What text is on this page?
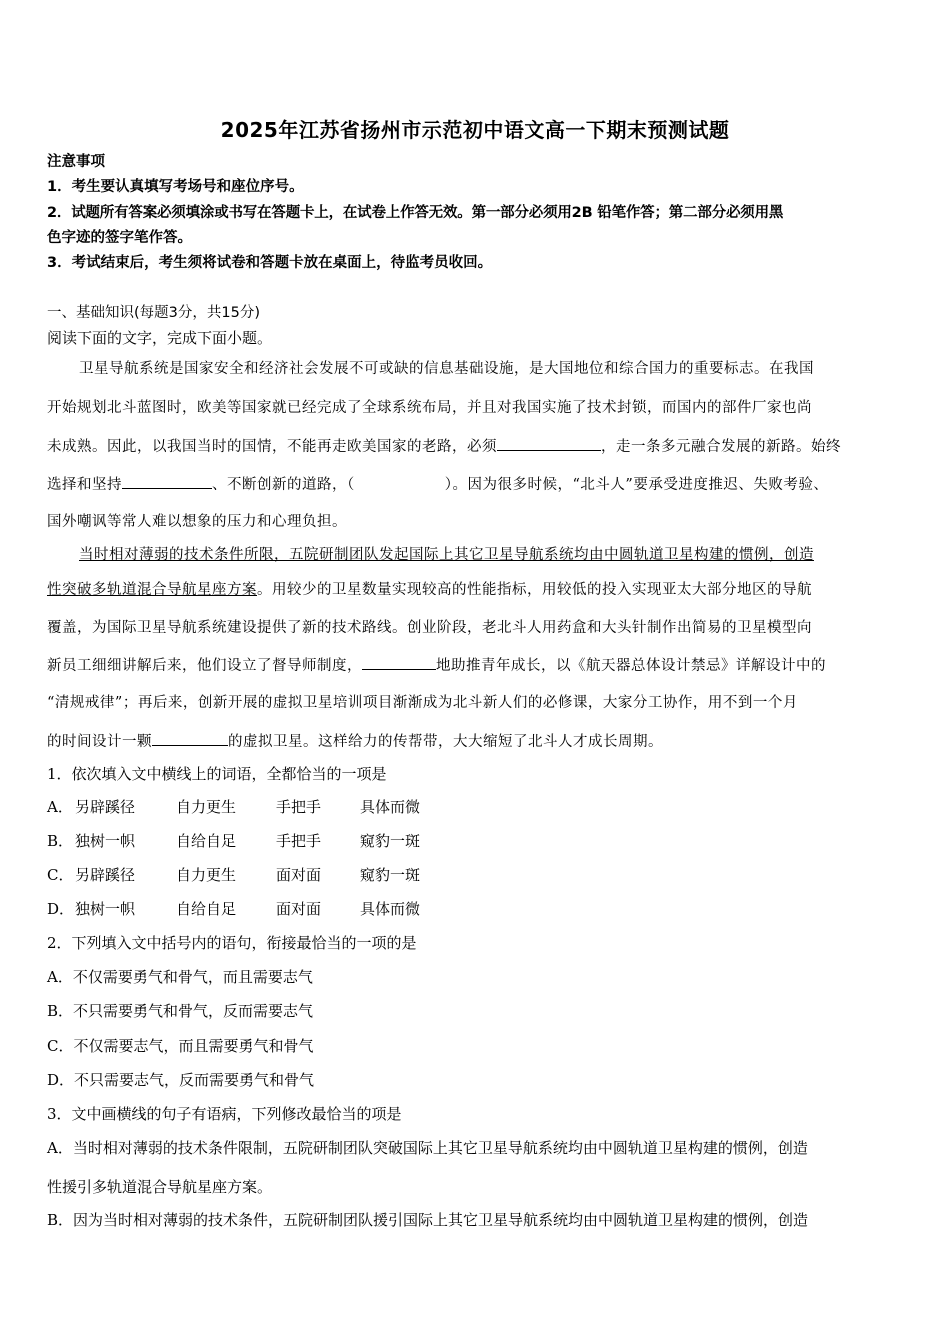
2025年江苏省扬州市示范初中语文高一下期末预测试题
注意事项
1．考生要认真填写考场号和座位序号。
2．试题所有答案必须填涂或书写在答题卡上，在试卷上作答无效。第一部分必须用2B 铅笔作答；第二部分必须用黑
色字迹的签字笔作答。
3．考试结束后，考生须将试卷和答题卡放在桌面上，待监考员收回。
一、基础知识(每题3分，共15分)
阅读下面的文字，完成下面小题。
卫星导航系统是国家安全和经济社会发展不可或缺的信息基础设施，是大国地位和综合国力的重要标志。在我国
开始规划北斗蓝图时，欧美等国家就已经完成了全球系统布局，并且对我国实施了技术封锁，而国内的部件厂家也尚
未成熟。因此，以我国当时的国情，不能再走欧美国家的老路，必须	，走一条多元融合发展的新路。始终
选择和坚持	、不断创新的道路，（	）。因为很多时候，“北斗人”要承受进度推迟、失败考验、
国外嘲讽等常人难以想象的压力和心理负担。
当时相对薄弱的技术条件所限，五院研制团队发起国际上其它卫星导航系统均由中圆轨道卫星构建的惯例，创造
性突破多轨道混合导航星座方案。用较少的卫星数量实现较高的性能指标，用较低的投入实现亚太大部分地区的导航
覆盖，为国际卫星导航系统建设提供了新的技术路线。创业阶段，老北斗人用药盒和大头针制作出简易的卫星模型向
新员工细细讲解后来，他们设立了督导师制度，	地助推青年成长，以《航天器总体设计禁忌》详解设计中的
“清规戒律”；再后来，创新开展的虚拟卫星培训项目渐渐成为北斗新人们的必修课，大家分工协作，用不到一个月
的时间设计一颗	的虚拟卫星。这样给力的传帮带，大大缩短了北斗人才成长周期。
1．依次填入文中横线上的词语，全都恰当的一项是
A． 另辟蹊径	自力更生	手把手	具体而微
B． 独树一帜	自给自足	手把手	窥豹一斑
C． 另辟蹊径	自力更生	面对面	窥豹一斑
D．独树一帜	自给自足	面对面	具体而微
2．下列填入文中括号内的语句，衔接最恰当的一项的是
A．不仅需要勇气和骨气，而且需要志气
B．不只需要勇气和骨气，反而需要志气
C．不仅需要志气，而且需要勇气和骨气
D．不只需要志气，反而需要勇气和骨气
3．文中画横线的句子有语病，下列修改最恰当的项是
A．当时相对薄弱的技术条件限制，五院研制团队突破国际上其它卫星导航系统均由中圆轨道卫星构建的惯例，创造
性援引多轨道混合导航星座方案。
B．因为当时相对薄弱的技术条件，五院研制团队援引国际上其它卫星导航系统均由中圆轨道卫星构建的惯例，创造
